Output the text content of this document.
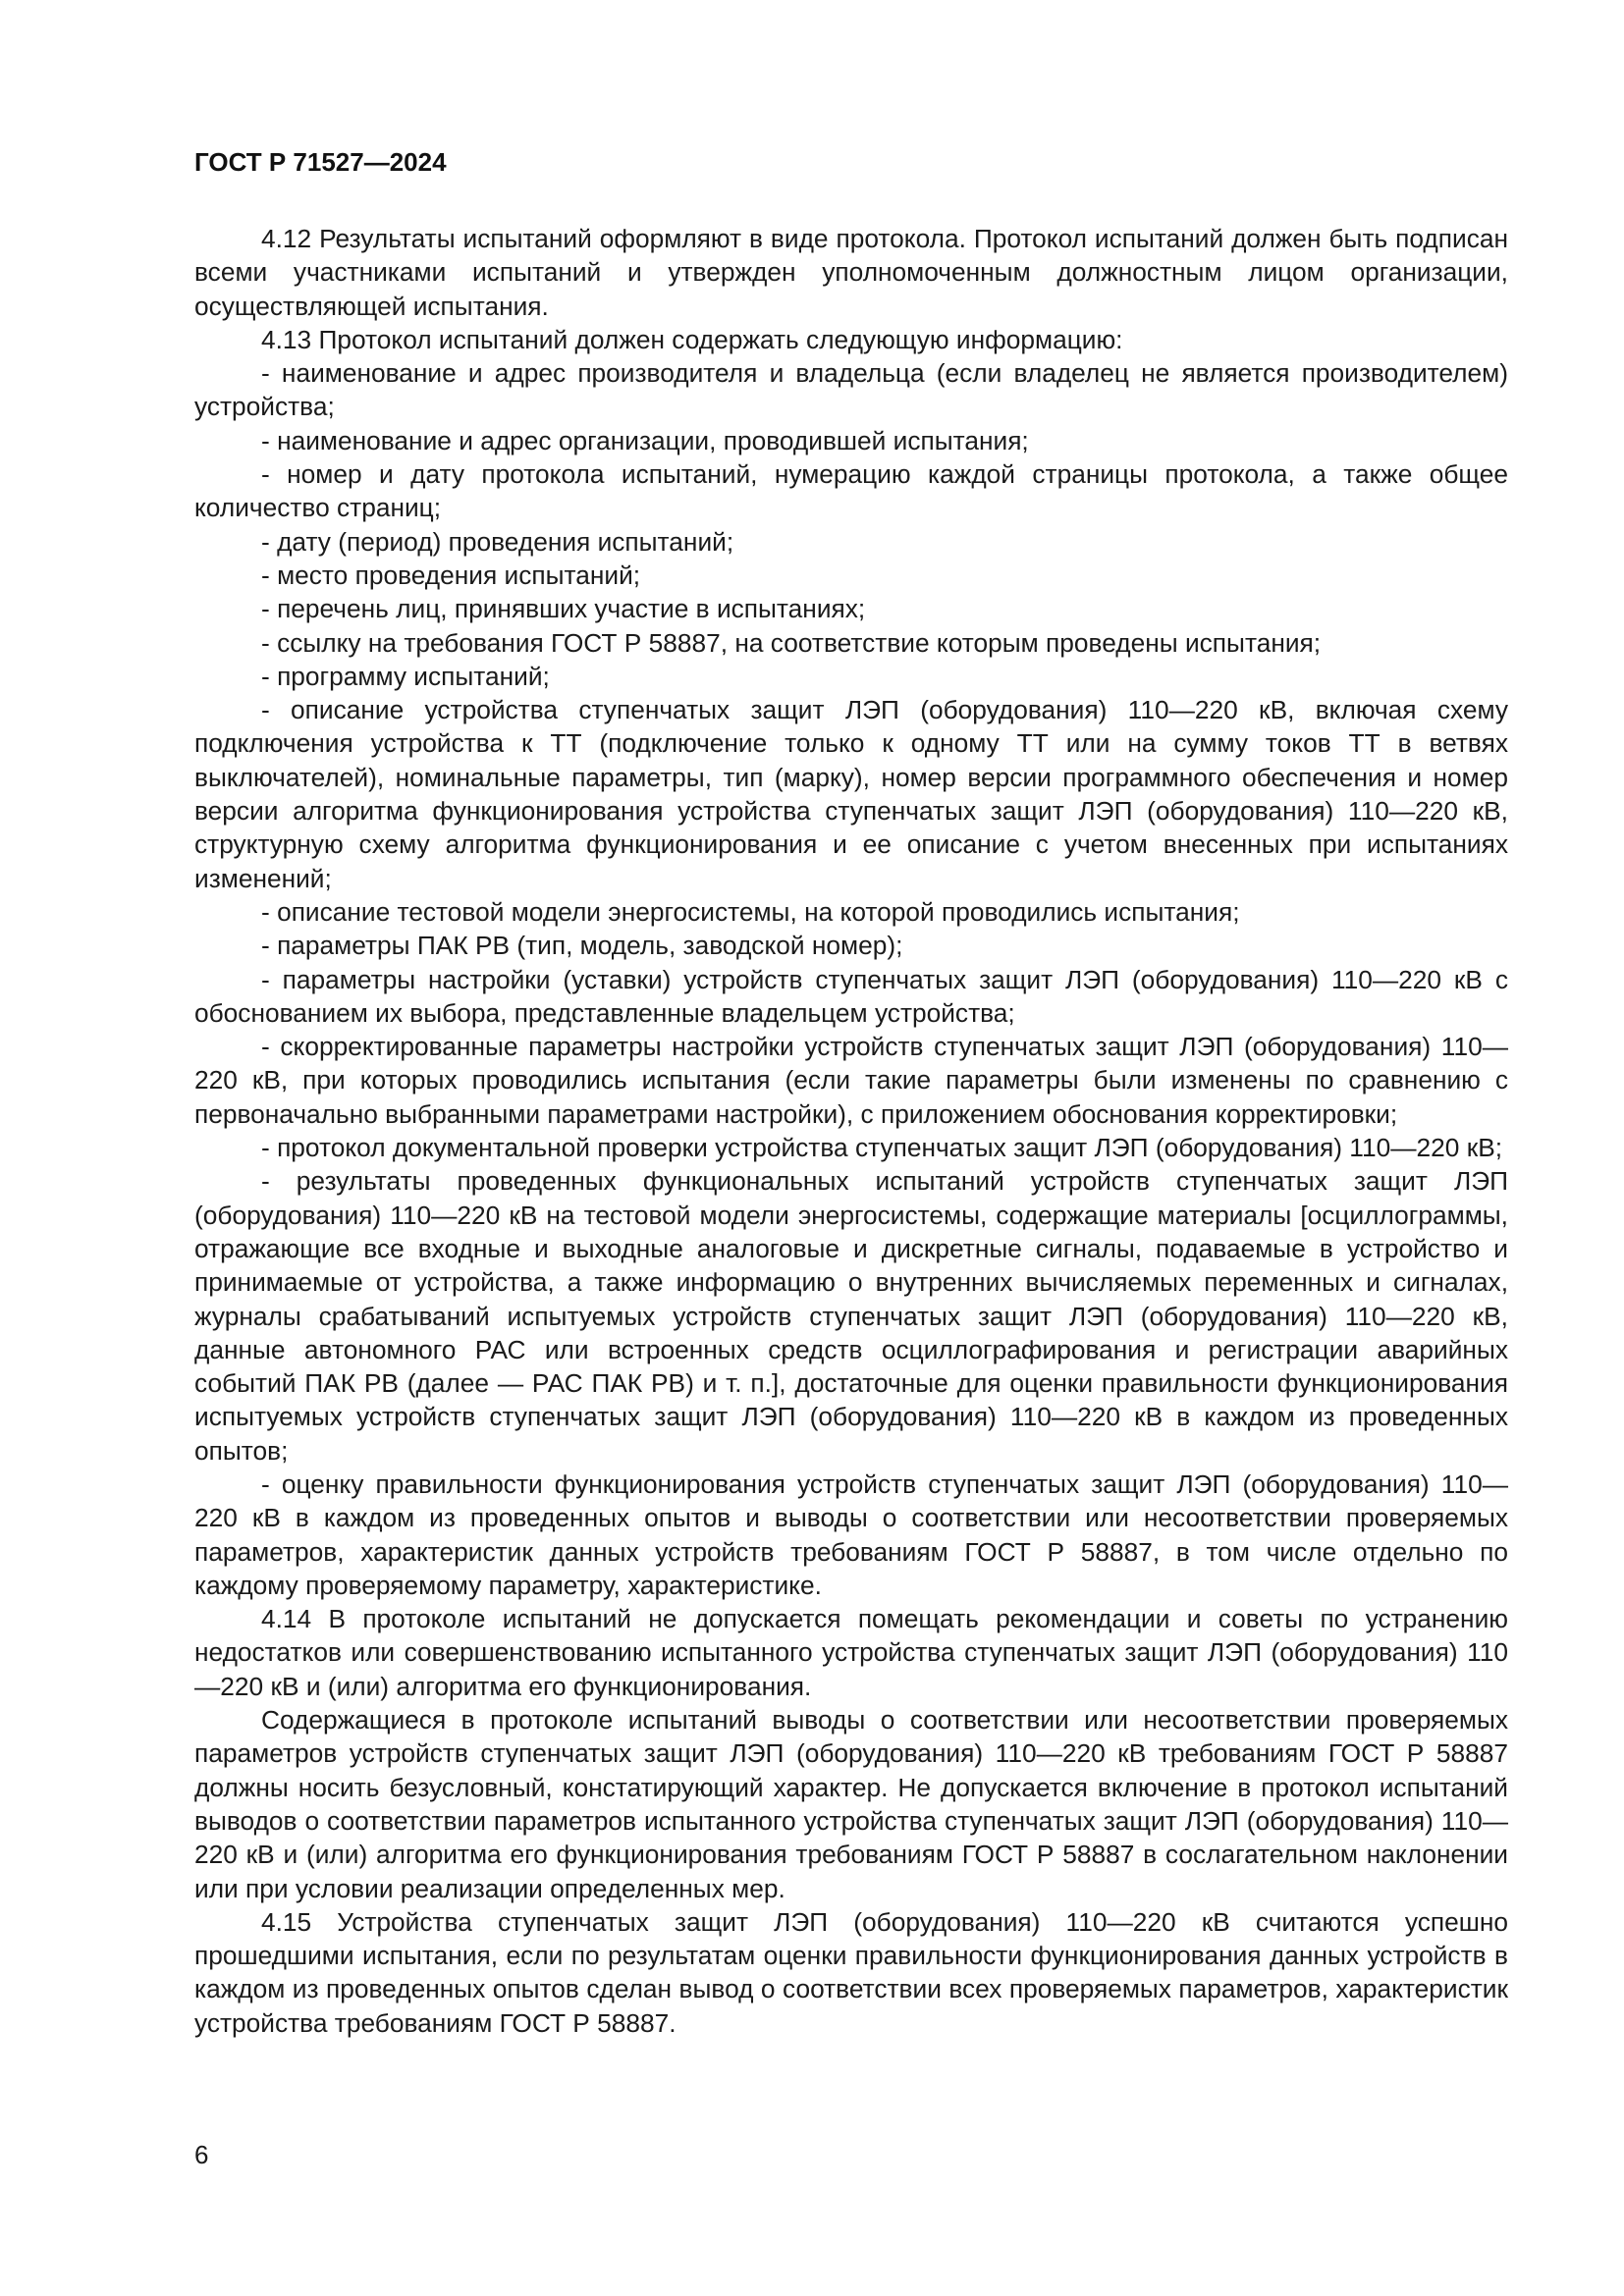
ГОСТ Р 71527—2024

4.12 Результаты испытаний оформляют в виде протокола. Протокол испытаний должен быть подписан всеми участниками испытаний и утвержден уполномоченным должностным лицом организации, осуществляющей испытания.

4.13 Протокол испытаний должен содержать следующую информацию:

- наименование и адрес производителя и владельца (если владелец не является производителем) устройства;

- наименование и адрес организации, проводившей испытания;

- номер и дату протокола испытаний, нумерацию каждой страницы протокола, а также общее количество страниц;

- дату (период) проведения испытаний;

- место проведения испытаний;

- перечень лиц, принявших участие в испытаниях;

- ссылку на требования ГОСТ Р 58887, на соответствие которым проведены испытания;

- программу испытаний;

- описание устройства ступенчатых защит ЛЭП (оборудования) 110—220 кВ, включая схему подключения устройства к ТТ (подключение только к одному ТТ или на сумму токов ТТ в ветвях выключателей), номинальные параметры, тип (марку), номер версии программного обеспечения и номер версии алгоритма функционирования устройства ступенчатых защит ЛЭП (оборудования) 110—220 кВ, структурную схему алгоритма функционирования и ее описание с учетом внесенных при испытаниях изменений;

- описание тестовой модели энергосистемы, на которой проводились испытания;

- параметры ПАК РВ (тип, модель, заводской номер);

- параметры настройки (уставки) устройств ступенчатых защит ЛЭП (оборудования) 110—220 кВ с обоснованием их выбора, представленные владельцем устройства;

- скорректированные параметры настройки устройств ступенчатых защит ЛЭП (оборудования) 110—220 кВ, при которых проводились испытания (если такие параметры были изменены по сравнению с первоначально выбранными параметрами настройки), с приложением обоснования корректировки;

- протокол документальной проверки устройства ступенчатых защит ЛЭП (оборудования) 110—220 кВ;

- результаты проведенных функциональных испытаний устройств ступенчатых защит ЛЭП (оборудования) 110—220 кВ на тестовой модели энергосистемы, содержащие материалы [осциллограммы, отражающие все входные и выходные аналоговые и дискретные сигналы, подаваемые в устройство и принимаемые от устройства, а также информацию о внутренних вычисляемых переменных и сигналах, журналы срабатываний испытуемых устройств ступенчатых защит ЛЭП (оборудования) 110—220 кВ, данные автономного РАС или встроенных средств осциллографирования и регистрации аварийных событий ПАК РВ (далее — РАС ПАК РВ) и т. п.], достаточные для оценки правильности функционирования испытуемых устройств ступенчатых защит ЛЭП (оборудования) 110—220 кВ в каждом из проведенных опытов;

- оценку правильности функционирования устройств ступенчатых защит ЛЭП (оборудования) 110—220 кВ в каждом из проведенных опытов и выводы о соответствии или несоответствии проверяемых параметров, характеристик данных устройств требованиям ГОСТ Р 58887, в том числе отдельно по каждому проверяемому параметру, характеристике.

4.14 В протоколе испытаний не допускается помещать рекомендации и советы по устранению недостатков или совершенствованию испытанного устройства ступенчатых защит ЛЭП (оборудования) 110—220 кВ и (или) алгоритма его функционирования.

Содержащиеся в протоколе испытаний выводы о соответствии или несоответствии проверяемых параметров устройств ступенчатых защит ЛЭП (оборудования) 110—220 кВ требованиям ГОСТ Р 58887 должны носить безусловный, констатирующий характер. Не допускается включение в протокол испытаний выводов о соответствии параметров испытанного устройства ступенчатых защит ЛЭП (оборудования) 110—220 кВ и (или) алгоритма его функционирования требованиям ГОСТ Р 58887 в сослагательном наклонении или при условии реализации определенных мер.

4.15 Устройства ступенчатых защит ЛЭП (оборудования) 110—220 кВ считаются успешно прошедшими испытания, если по результатам оценки правильности функционирования данных устройств в каждом из проведенных опытов сделан вывод о соответствии всех проверяемых параметров, характеристик устройства требованиям ГОСТ Р 58887.

6
